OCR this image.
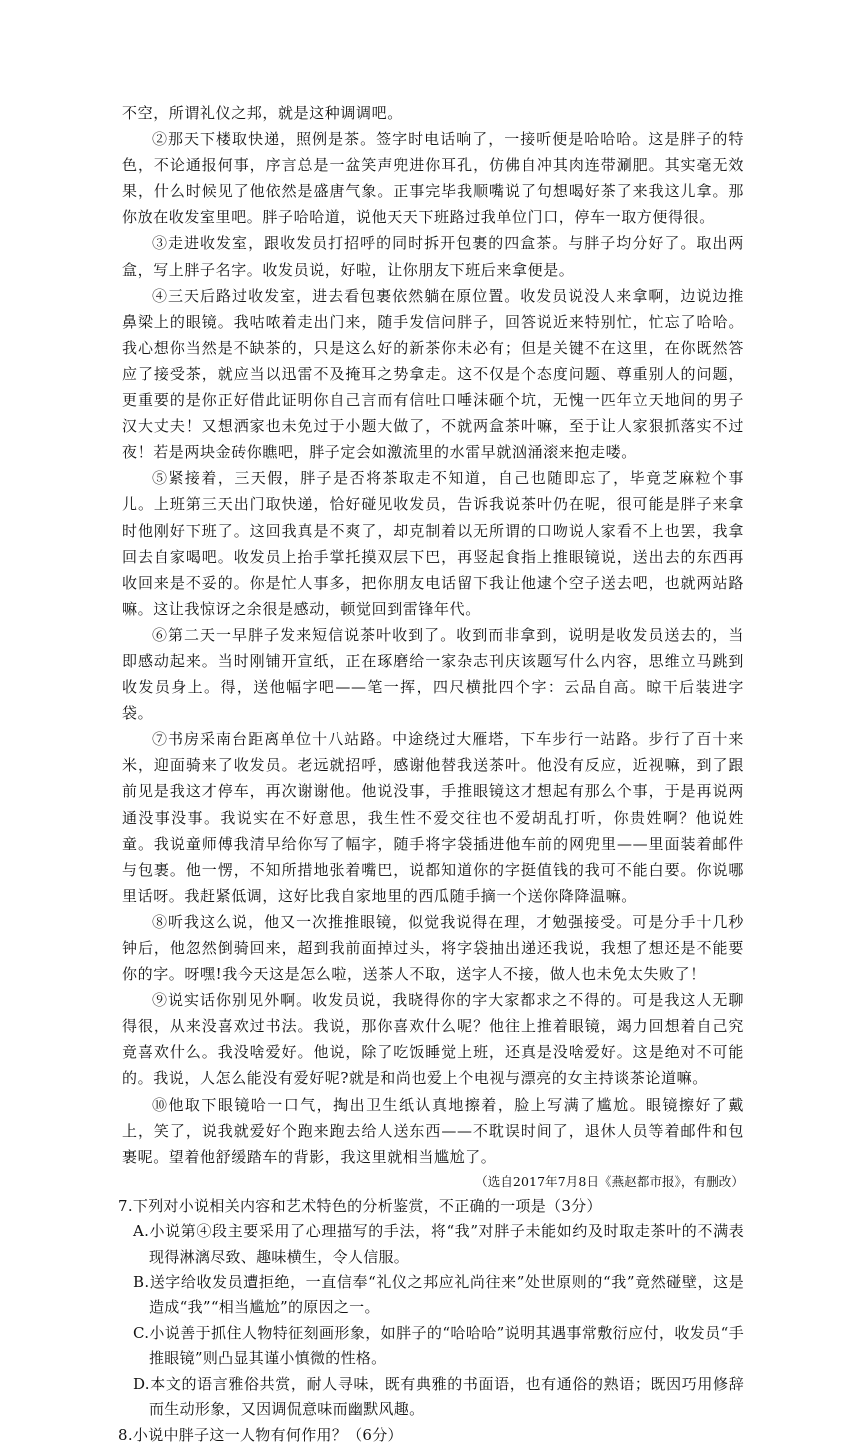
不空，所谓礼仪之邦，就是这种调调吧。

②那天下楼取快递，照例是茶。签字时电话响了，一接听便是哈哈哈。这是胖子的特色，不论通报何事，序言总是一盆笑声兜进你耳孔，仿佛自冲其肉连带涮肥。其实毫无效果，什么时候见了他依然是盛唐气象。正事完毕我顺嘴说了句想喝好茶了来我这儿拿。那你放在收发室里吧。胖子哈哈道，说他天天下班路过我单位门口，停车一取方便得很。

③走进收发室，跟收发员打招呼的同时拆开包裹的四盒茶。与胖子均分好了。取出两盒，写上胖子名字。收发员说，好啦，让你朋友下班后来拿便是。

④三天后路过收发室，进去看包裹依然躺在原位置。收发员说没人来拿啊，边说边推鼻梁上的眼镜。我咕哝着走出门来，随手发信问胖子，回答说近来特别忙，忙忘了哈哈。我心想你当然是不缺茶的，只是这么好的新茶你未必有；但是关键不在这里，在你既然答应了接受茶，就应当以迅雷不及掩耳之势拿走。这不仅是个态度问题、尊重别人的问题，更重要的是你正好借此证明你自己言而有信吐口唾沫砸个坑，无愧一匹年立天地间的男子汉大丈夫！又想洒家也未免过于小题大做了，不就两盒茶叶嘛，至于让人家狠抓落实不过夜！若是两块金砖你瞧吧，胖子定会如激流里的水雷早就汹涌滚来抱走喽。

⑤紧接着，三天假，胖子是否将茶取走不知道，自己也随即忘了，毕竟芝麻粒个事儿。上班第三天出门取快递，恰好碰见收发员，告诉我说茶叶仍在呢，很可能是胖子来拿时他刚好下班了。这回我真是不爽了，却克制着以无所谓的口吻说人家看不上也罢，我拿回去自家喝吧。收发员上抬手掌托摸双层下巴，再竖起食指上推眼镜说，送出去的东西再收回来是不妥的。你是忙人事多，把你朋友电话留下我让他逮个空子送去吧，也就两站路嘛。这让我惊讶之余很是感动，顿觉回到雷锋年代。

⑥第二天一早胖子发来短信说茶叶收到了。收到而非拿到，说明是收发员送去的，当即感动起来。当时刚铺开宣纸，正在琢磨给一家杂志刊庆该题写什么内容，思维立马跳到收发员身上。得，送他幅字吧——笔一挥，四尺横批四个字：云品自高。晾干后装进字袋。

⑦书房采南台距离单位十八站路。中途绕过大雁塔，下车步行一站路。步行了百十来米，迎面骑来了收发员。老远就招呼，感谢他替我送茶叶。他没有反应，近视嘛，到了跟前见是我这才停车，再次谢谢他。他说没事，手推眼镜这才想起有那么个事，于是再说两通没事没事。我说实在不好意思，我生性不爱交往也不爱胡乱打听，你贵姓啊？他说姓童。我说童师傅我清早给你写了幅字，随手将字袋插进他车前的网兜里——里面装着邮件与包裹。他一愣，不知所措地张着嘴巴，说都知道你的字挺值钱的我可不能白要。你说哪里话呀。我赶紧低调，这好比我自家地里的西瓜随手摘一个送你降降温嘛。

⑧听我这么说，他又一次推推眼镜，似觉我说得在理，才勉强接受。可是分手十几秒钟后，他忽然倒骑回来，超到我前面掉过头，将字袋抽出递还我说，我想了想还是不能要你的字。呀嘿!我今天这是怎么啦，送茶人不取，送字人不接，做人也未免太失败了！

⑨说实话你别见外啊。收发员说，我晓得你的字大家都求之不得的。可是我这人无聊得很，从来没喜欢过书法。我说，那你喜欢什么呢？他往上推着眼镜，竭力回想着自己究竟喜欢什么。我没啥爱好。他说，除了吃饭睡觉上班，还真是没啥爱好。这是绝对不可能的。我说，人怎么能没有爱好呢?就是和尚也爱上个电视与漂亮的女主持谈茶论道嘛。

⑩他取下眼镜哈一口气，掏出卫生纸认真地擦着，脸上写满了尴尬。眼镜擦好了戴上，笑了，说我就爱好个跑来跑去给人送东西——不耽误时间了，退休人员等着邮件和包裹呢。望着他舒缓踏车的背影，我这里就相当尴尬了。

（选自2017年7月8日《燕赵都市报》，有删改）

7.下列对小说相关内容和艺术特色的分析鉴赏，不正确的一项是（3分）

A.小说第④段主要采用了心理描写的手法，将“我”对胖子未能如约及时取走茶叶的不满表现得淋漓尽致、趣味横生，令人信服。

B.送字给收发员遭拒绝，一直信奉“礼仪之邦应礼尚往来”处世原则的“我”竟然碰壁，这是造成“我”“相当尴尬”的原因之一。

C.小说善于抓住人物特征刻画形象，如胖子的“哈哈哈”说明其遇事常敷衍应付，收发员“手推眼镜”则凸显其谨小慎微的性格。

D.本文的语言雅俗共赏，耐人寻味，既有典雅的书面语，也有通俗的熟语；既因巧用修辞而生动形象，又因调侃意味而幽默风趣。

8.小说中胖子这一人物有何作用？（6分）
